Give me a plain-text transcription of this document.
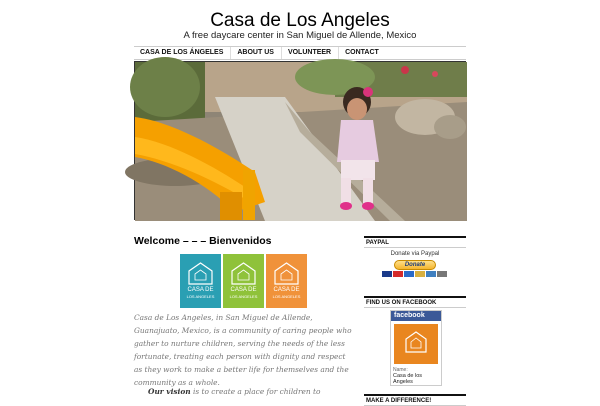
Casa de Los Angeles
A free daycare center in San Miguel de Allende, Mexico
CASA DE LOS ÁNGELES	ABOUT US	VOLUNTEER	CONTACT
Welcome – – – Bienvenidos
CASA DE
LOS ANGELES
CASA DE
LOS ANGELES
CASA DE
LOS ANGELES

Casa de Los Angeles, in San Miguel de Allende, Guanajuato, Mexico, is a community of caring people who gather to nurture children, serving the needs of the less fortunate, treating each person with dignity and respect as they work to make a better life for themselves and the community as a whole.

Our vision is to create a place for children to

PAYPAL
Donate via Paypal
Donate
FIND US ON FACEBOOK
facebook
Name:
Casa de los Angeles
MAKE A DIFFERENCE!
